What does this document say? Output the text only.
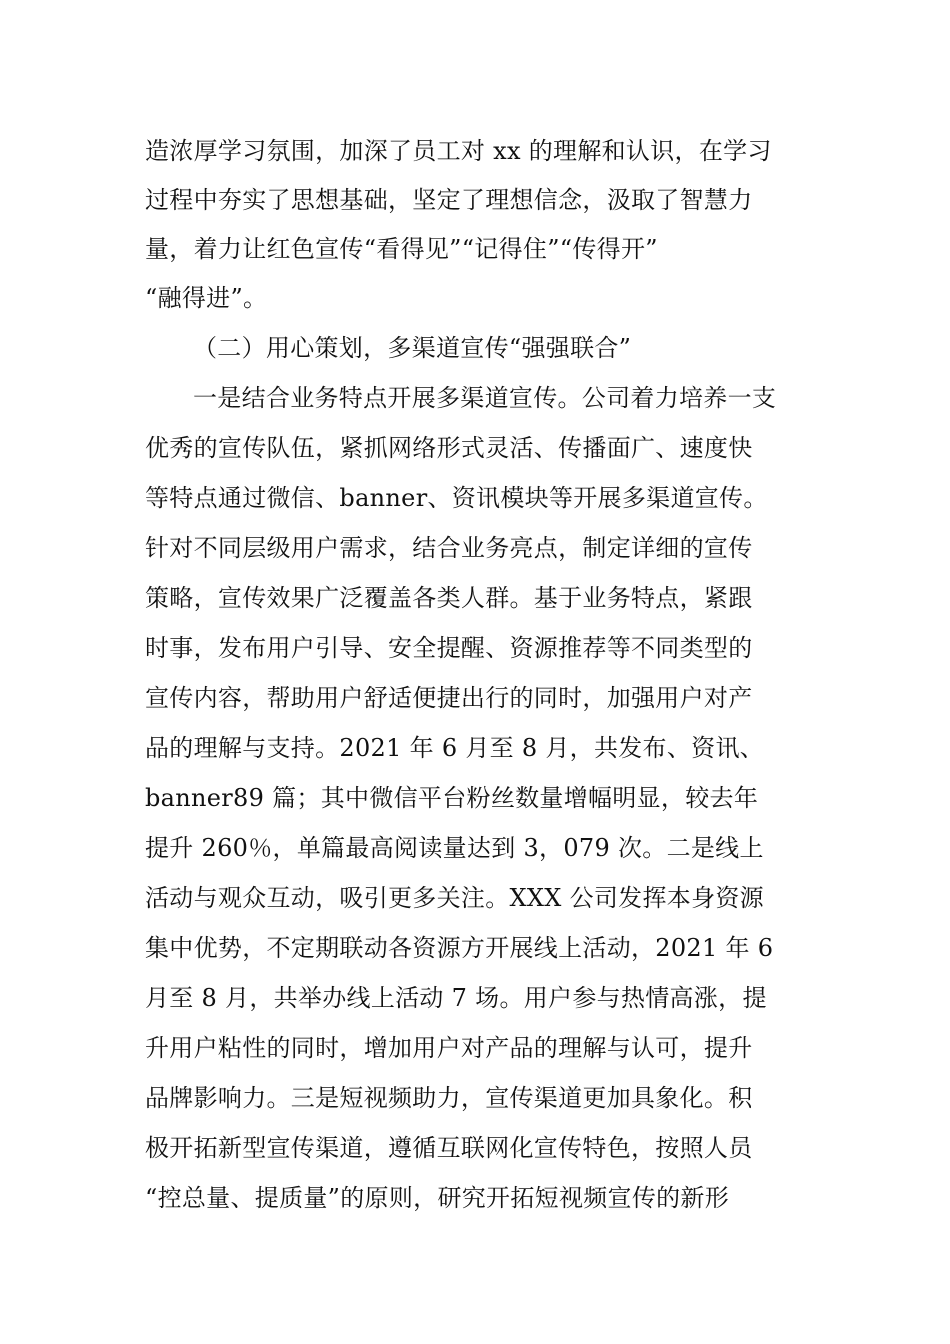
造浓厚学习氛围，加深了员工对 xx 的理解和认识，在学习
过程中夯实了思想基础，坚定了理想信念，汲取了智慧力
量，着力让红色宣传“看得见”“记得住”“传得开”
“融得进”。
（二）用心策划，多渠道宣传“强强联合”
一是结合业务特点开展多渠道宣传。公司着力培养一支
优秀的宣传队伍，紧抓网络形式灵活、传播面广、速度快
等特点通过微信、banner、资讯模块等开展多渠道宣传。
针对不同层级用户需求，结合业务亮点，制定详细的宣传
策略，宣传效果广泛覆盖各类人群。基于业务特点，紧跟
时事，发布用户引导、安全提醒、资源推荐等不同类型的
宣传内容，帮助用户舒适便捷出行的同时，加强用户对产
品的理解与支持。2021 年 6 月至 8 月，共发布、资讯、
banner89 篇；其中微信平台粉丝数量增幅明显，较去年
提升 260％，单篇最高阅读量达到 3，079 次。二是线上
活动与观众互动，吸引更多关注。XXX 公司发挥本身资源
集中优势，不定期联动各资源方开展线上活动，2021 年 6
月至 8 月，共举办线上活动 7 场。用户参与热情高涨，提
升用户粘性的同时，增加用户对产品的理解与认可，提升
品牌影响力。三是短视频助力，宣传渠道更加具象化。积
极开拓新型宣传渠道，遵循互联网化宣传特色，按照人员
“控总量、提质量”的原则，研究开拓短视频宣传的新形
